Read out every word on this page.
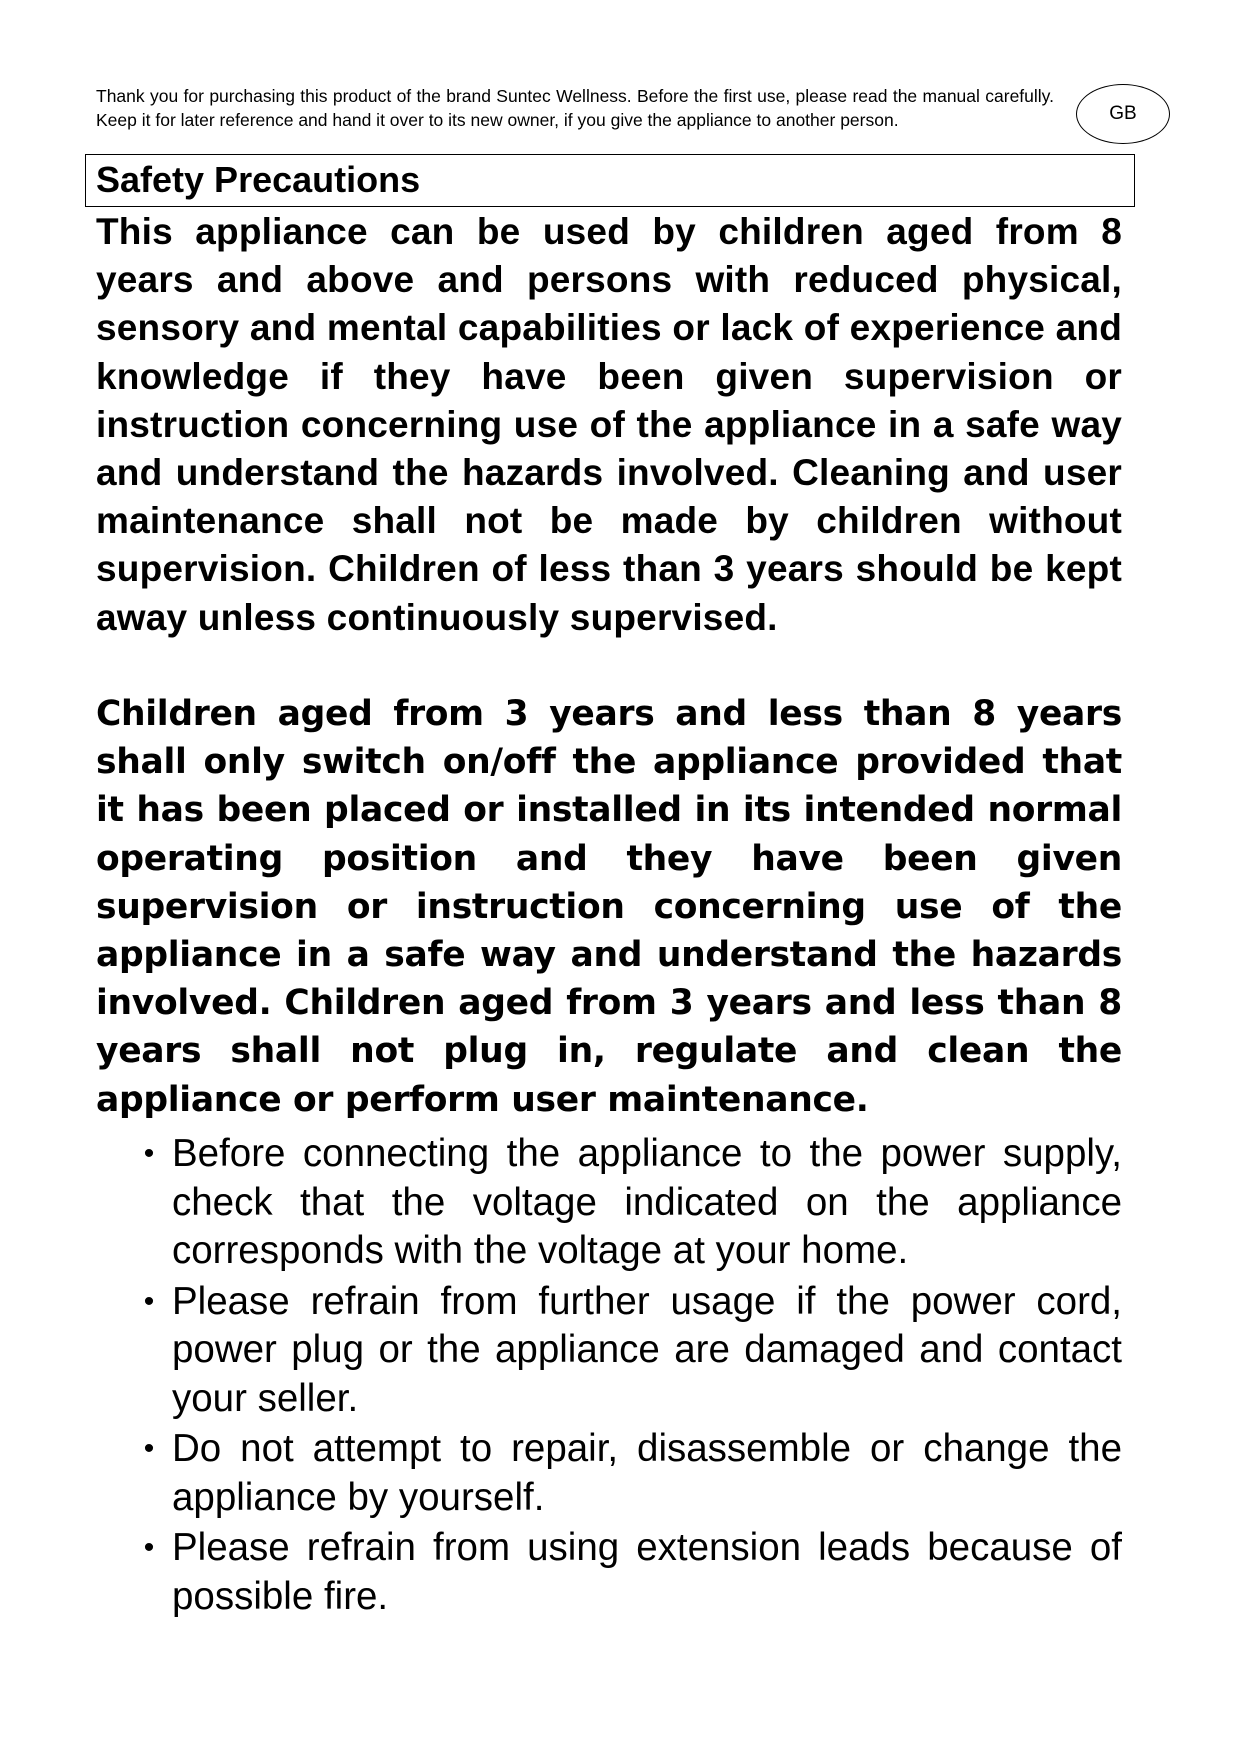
Thank you for purchasing this product of the brand Suntec Wellness. Before the first use, please read the manual carefully. Keep it for later reference and hand it over to its new owner, if you give the appliance to another person.	GB
Safety Precautions

This appliance can be used by children aged from 8 years and above and persons with reduced physical, sensory and mental capabilities or lack of experience and knowledge if they have been given supervision or instruction concerning use of the appliance in a safe way and understand the hazards involved. Cleaning and user maintenance shall not be made by children without supervision. Children of less than 3 years should be kept away unless continuously supervised.

Children aged from 3 years and less than 8 years shall only switch on/off the appliance provided that it has been placed or installed in its intended normal operating position and they have been given supervision or instruction concerning use of the appliance in a safe way and understand the hazards involved. Children aged from 3 years and less than 8 years shall not plug in, regulate and clean the appliance or perform user maintenance.

• Before connecting the appliance to the power supply, check that the voltage indicated on the appliance corresponds with the voltage at your home.
• Please refrain from further usage if the power cord, power plug or the appliance are damaged and contact your seller.
• Do not attempt to repair, disassemble or change the appliance by yourself.
• Please refrain from using extension leads because of possible fire.
